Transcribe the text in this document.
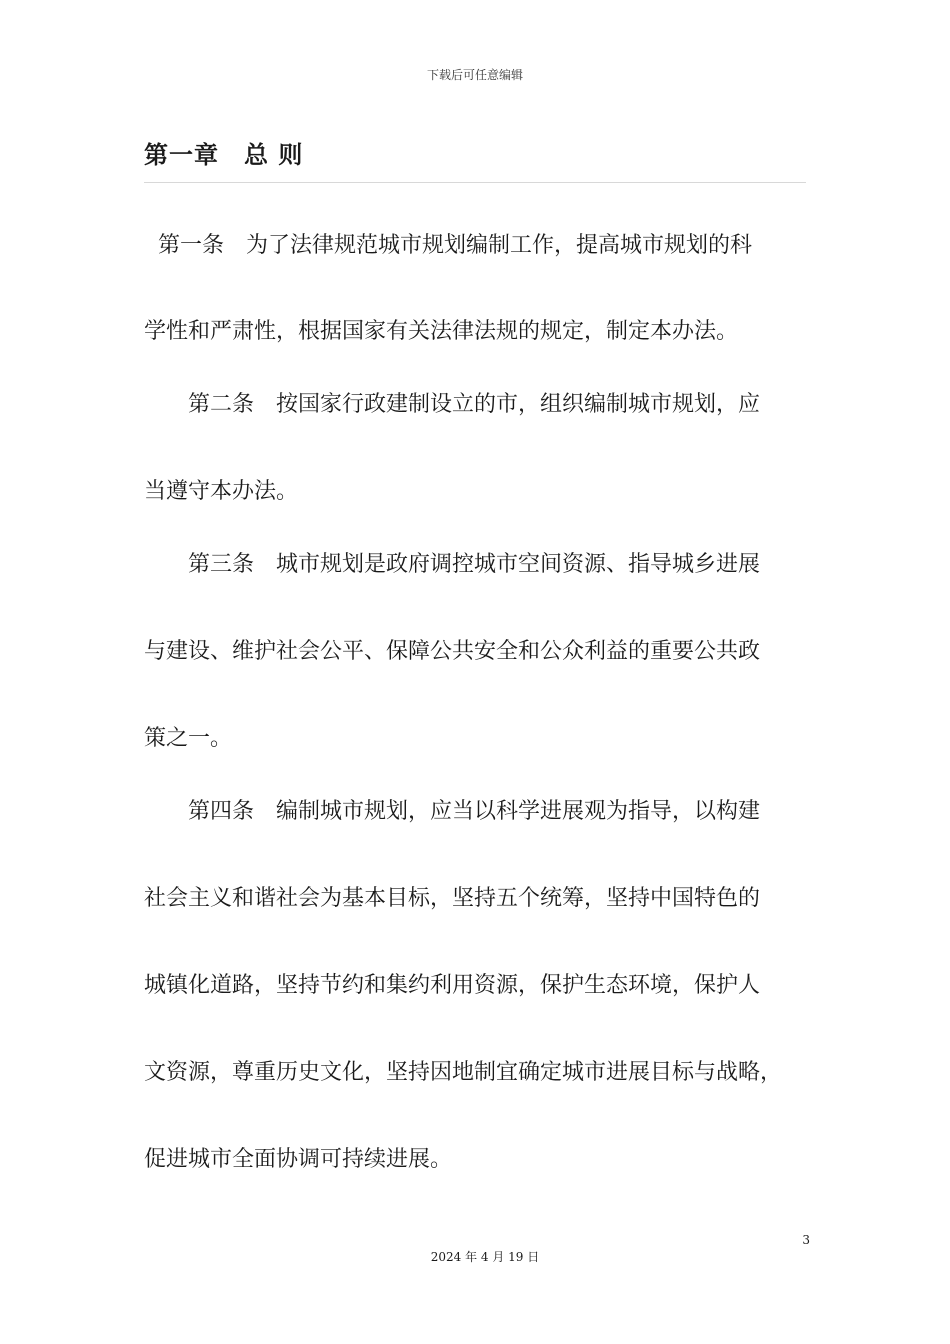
下载后可任意编辑
第一章　总 则
第一条　为了法律规范城市规划编制工作，提高城市规划的科
学性和严肃性，根据国家有关法律法规的规定，制定本办法。
　　第二条　按国家行政建制设立的市，组织编制城市规划，应
当遵守本办法。
　　第三条　城市规划是政府调控城市空间资源、指导城乡进展
与建设、维护社会公平、保障公共安全和公众利益的重要公共政
策之一。
　　第四条　编制城市规划，应当以科学进展观为指导，以构建
社会主义和谐社会为基本目标，坚持五个统筹，坚持中国特色的
城镇化道路，坚持节约和集约利用资源，保护生态环境，保护人
文资源，尊重历史文化，坚持因地制宜确定城市进展目标与战略，
促进城市全面协调可持续进展。
3
2024 年 4 月 19 日
